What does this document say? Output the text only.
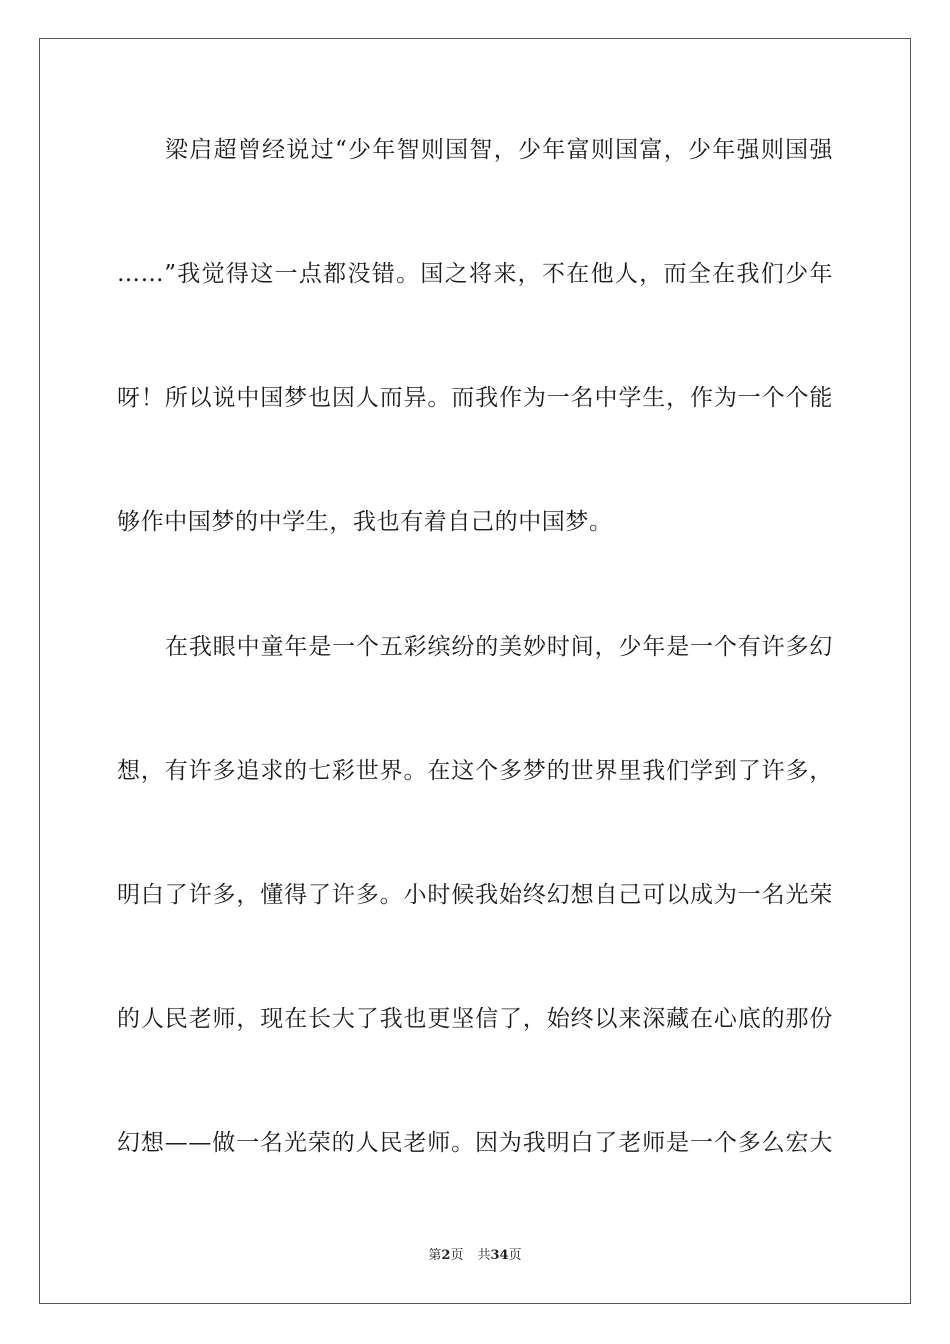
梁启超曾经说过“少年智则国智，少年富则国富，少年强则国强
……”我觉得这一点都没错。国之将来，不在他人，而全在我们少年
呀！所以说中国梦也因人而异。而我作为一名中学生，作为一个个能
够作中国梦的中学生，我也有着自己的中国梦。
在我眼中童年是一个五彩缤纷的美妙时间，少年是一个有许多幻
想，有许多追求的七彩世界。在这个多梦的世界里我们学到了许多，
明白了许多，懂得了许多。小时候我始终幻想自己可以成为一名光荣
的人民老师，现在长大了我也更坚信了，始终以来深藏在心底的那份
幻想——做一名光荣的人民老师。因为我明白了老师是一个多么宏大
第2页 共34页
